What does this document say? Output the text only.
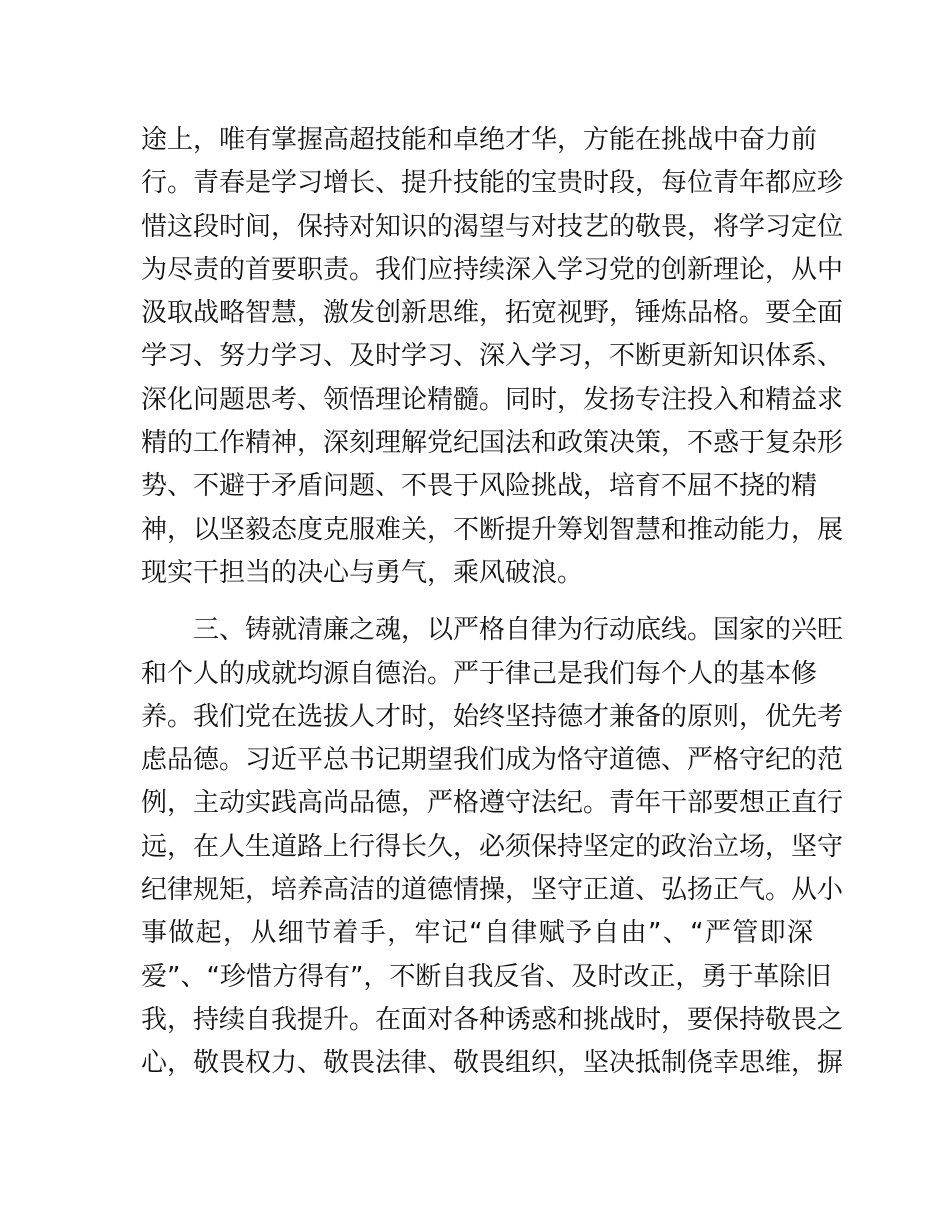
途上，唯有掌握高超技能和卓绝才华，方能在挑战中奋力前
行。青春是学习增长、提升技能的宝贵时段，每位青年都应珍
惜这段时间，保持对知识的渴望与对技艺的敬畏，将学习定位
为尽责的首要职责。我们应持续深入学习党的创新理论，从中
汲取战略智慧，激发创新思维，拓宽视野，锤炼品格。要全面
学习、努力学习、及时学习、深入学习，不断更新知识体系、
深化问题思考、领悟理论精髓。同时，发扬专注投入和精益求
精的工作精神，深刻理解党纪国法和政策决策，不惑于复杂形
势、不避于矛盾问题、不畏于风险挑战，培育不屈不挠的精
神，以坚毅态度克服难关，不断提升筹划智慧和推动能力，展
现实干担当的决心与勇气，乘风破浪。
三、铸就清廉之魂，以严格自律为行动底线。国家的兴旺
和个人的成就均源自德治。严于律己是我们每个人的基本修
养。我们党在选拔人才时，始终坚持德才兼备的原则，优先考
虑品德。习近平总书记期望我们成为恪守道德、严格守纪的范
例，主动实践高尚品德，严格遵守法纪。青年干部要想正直行
远，在人生道路上行得长久，必须保持坚定的政治立场，坚守
纪律规矩，培养高洁的道德情操，坚守正道、弘扬正气。从小
事做起，从细节着手，牢记“自律赋予自由”、“严管即深
爱”、“珍惜方得有”，不断自我反省、及时改正，勇于革除旧
我，持续自我提升。在面对各种诱惑和挑战时，要保持敬畏之
心，敬畏权力、敬畏法律、敬畏组织，坚决抵制侥幸思维，摒
